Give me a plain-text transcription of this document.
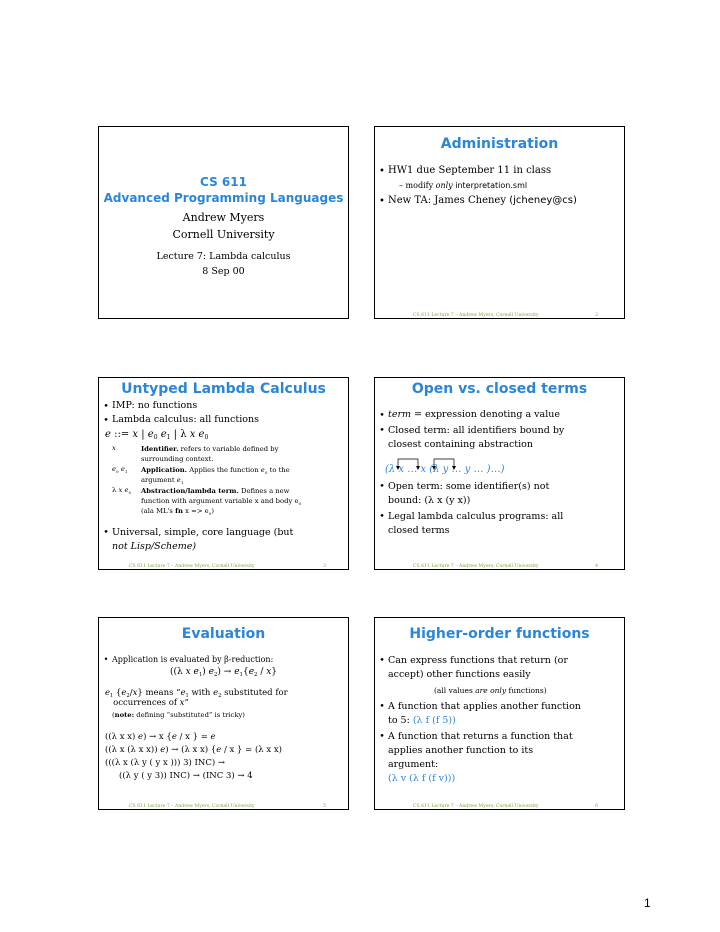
CS 611
Advanced Programming Languages
Andrew Myers
Cornell University
Lecture 7: Lambda calculus
8 Sep 00
Administration
• HW1 due September 11 in class
– modify only interpretation.sml
• New TA: James Cheney (jcheney@cs)
CS 611 Lecture 7 – Andrew Myers, Cornell University	2
Untyped Lambda Calculus
• IMP: no functions
• Lambda calculus: all functions
e ::= x | $e_0$ $e_1$ | λ x $e_0$
x	Identifier. refers to variable defined by
surrounding context.
$e_0$ $e_1$ Application. Applies the function $e_0$ to the
argument $e_1$
λ x $e_0$ Abstraction/lambda term. Defines a new
function with argument variable x and body $e_0$
(ala ML's fn $x => e_0$)
• Universal, simple, core language (but
not Lisp/Scheme)
CS 611 Lecture 7 – Andrew Myers, Cornell University	3
Open vs. closed terms
• term = expression denoting a value
• Closed term: all identifiers bound by
closest containing abstraction
(λ x … x (λ y … y … )…)
• Open term: some identifier(s) not
bound: (λ x (y x))
• Legal lambda calculus programs: all
closed terms
CS 611 Lecture 7 – Andrew Myers, Cornell University	4
Evaluation
• Application is evaluated by β-reduction:
((λ x $e_1$) $e_2) \to e_1\{e_2 / x\}$
$e_1$ $\{e_2/x\}$ means “$e_1$ with $e_2$ substituted for
occurrences of x”
(note: defining “substituted” is tricky)
((λ x x) e) → x {e / x } = e
((λ x (λ x x)) e) → (λ x x) {e / x } = (λ x x)
(((λ x (λ y ( y x ))) 3) INC) →
((λ y ( y 3)) INC) → (INC 3) → 4
CS 611 Lecture 7 – Andrew Myers, Cornell University	5
Higher-order functions
• Can express functions that return (or
accept) other functions easily
(all values are only functions)
• A function that applies another function
to 5: (λ f (f 5))
• A function that returns a function that
applies another function to its
argument:
(λ v (λ f (f v)))
CS 611 Lecture 7 – Andrew Myers, Cornell University	6
1
